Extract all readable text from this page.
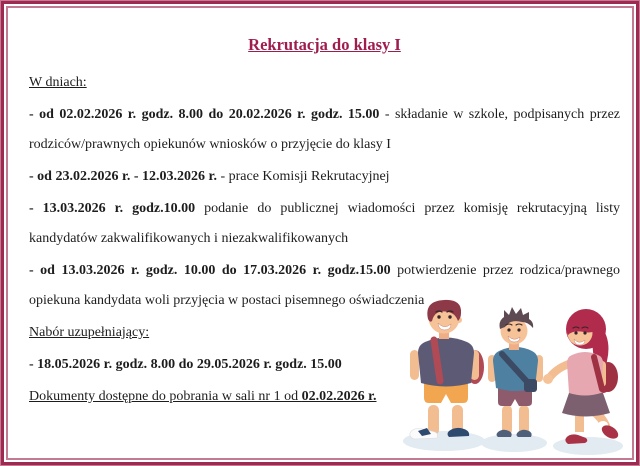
Rekrutacja do klasy I

W dniach:

- od 02.02.2026 r. godz. 8.00 do 20.02.2026 r. godz. 15.00 - składanie w szkole, podpisanych przez rodziców/prawnych opiekunów wniosków o przyjęcie do klasy I

- od 23.02.2026 r. - 12.03.2026 r. - prace Komisji Rekrutacyjnej

- 13.03.2026 r. godz.10.00 podanie do publicznej wiadomości przez komisję rekrutacyjną listy kandydatów zakwalifikowanych i niezakwalifikowanych

- od 13.03.2026 r. godz. 10.00 do 17.03.2026 r. godz.15.00 potwierdzenie przez rodzica/prawnego opiekuna kandydata woli przyjęcia w postaci pisemnego oświadczenia

Nabór uzupełniający:

- 18.05.2026 r. godz. 8.00 do 29.05.2026 r. godz. 15.00

Dokumenty dostępne do pobrania w sali nr 1 od 02.02.2026 r.
